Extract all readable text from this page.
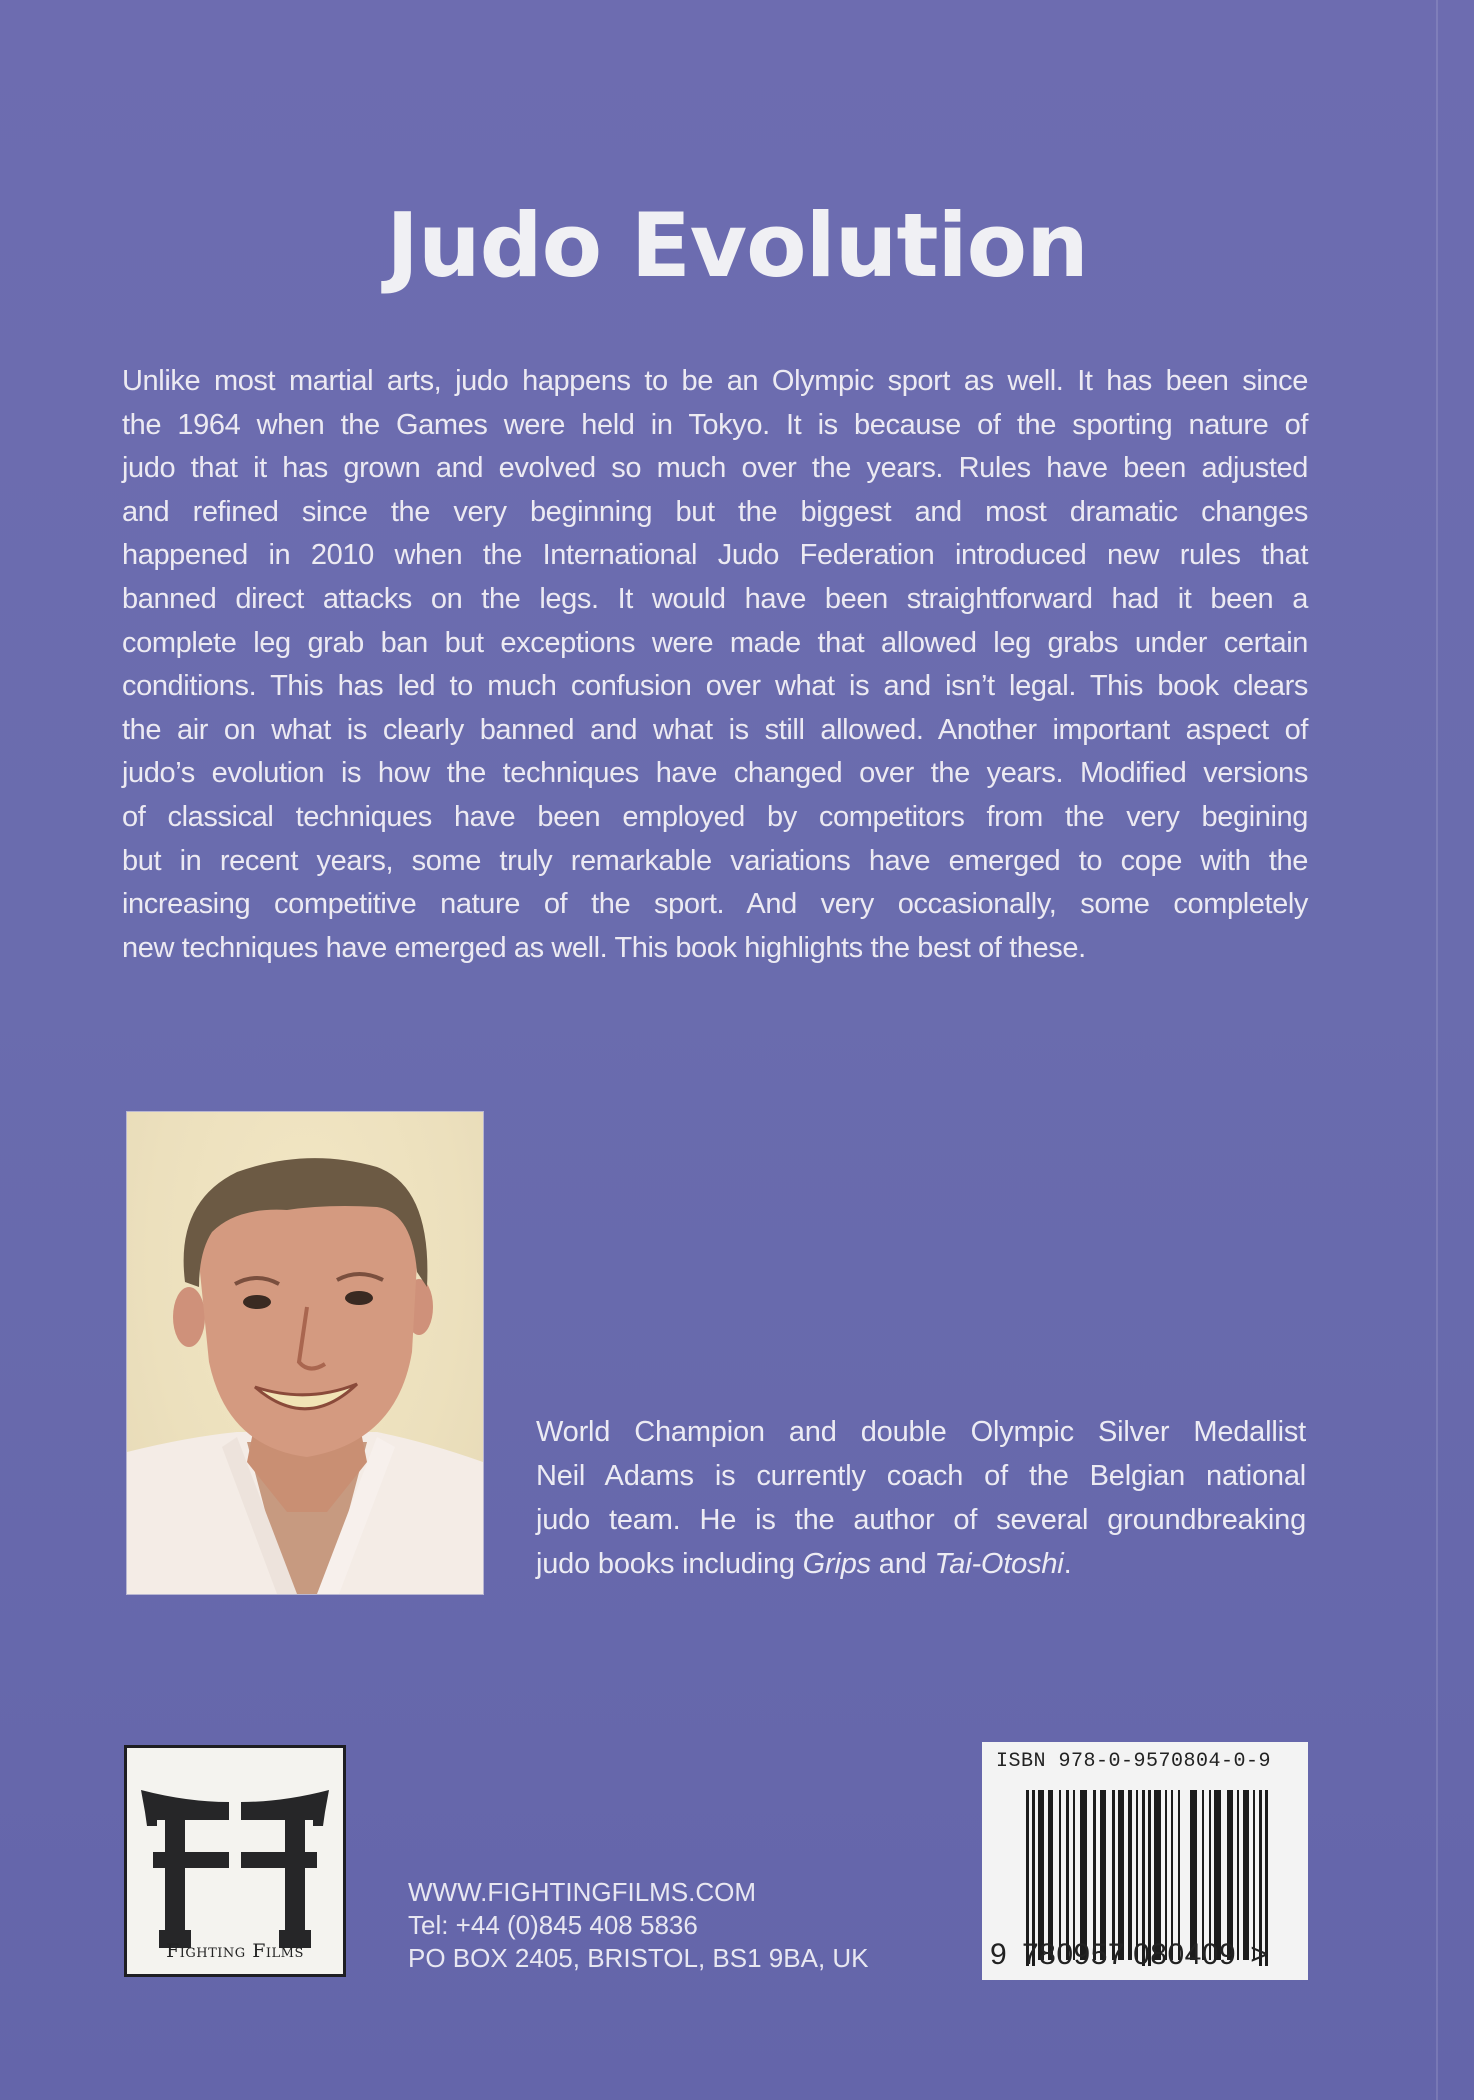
Judo Evolution
Unlike most martial arts, judo happens to be an Olympic sport as well. It has been since
the 1964 when the Games were held in Tokyo. It is because of the sporting nature of
judo that it has grown and evolved so much over the years. Rules have been adjusted
and refined since the very beginning but the biggest and most dramatic changes
happened in 2010 when the International Judo Federation introduced new rules that
banned direct attacks on the legs. It would have been straightforward had it been a
complete leg grab ban but exceptions were made that allowed leg grabs under certain
conditions. This has led to much confusion over what is and isn’t legal. This book clears
the air on what is clearly banned and what is still allowed. Another important aspect of
judo’s evolution is how the techniques have changed over the years. Modified versions
of classical techniques have been employed by competitors from the very begining
but in recent years, some truly remarkable variations have emerged to cope with the
increasing competitive nature of the sport. And very occasionally, some completely
new techniques have emerged as well. This book highlights the best of these.
World Champion and double Olympic Silver Medallist
Neil Adams is currently coach of the Belgian national
judo team. He is the author of several groundbreaking
judo books including Grips and Tai-Otoshi.
Fighting Films
WWW.FIGHTINGFILMS.COM
Tel: +44 (0)845 408 5836
PO BOX 2405, BRISTOL, BS1 9BA, UK
ISBN 978-0-9570804-0-9
9 780957 080409 >
